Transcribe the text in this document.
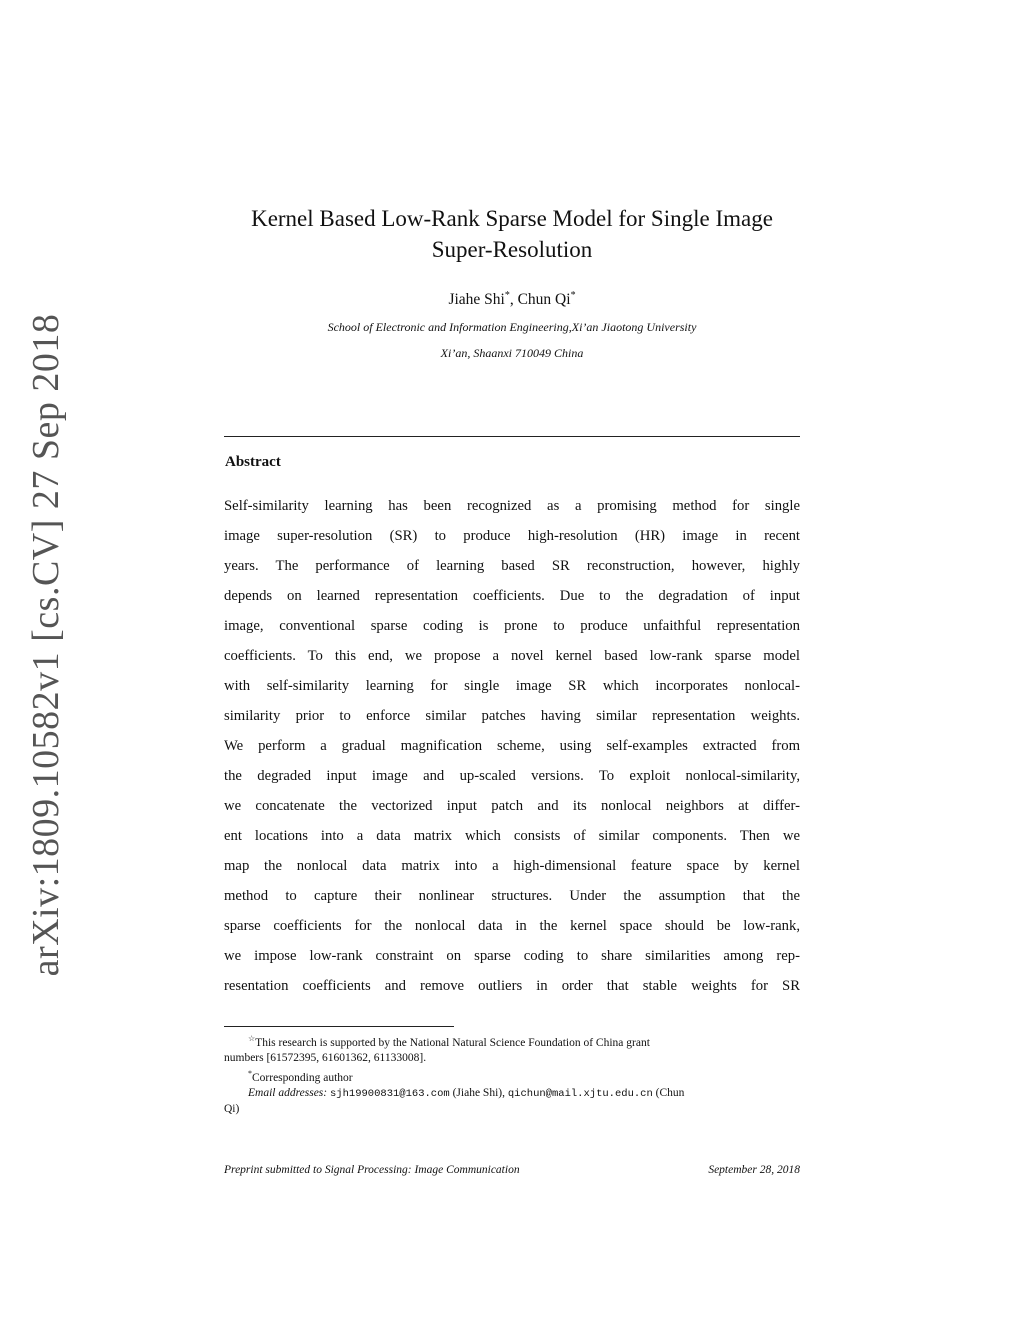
arXiv:1809.10582v1 [cs.CV] 27 Sep 2018
Kernel Based Low-Rank Sparse Model for Single Image
Super-Resolution
Jiahe Shi*, Chun Qi*
School of Electronic and Information Engineering,Xi’an Jiaotong University
Xi’an, Shaanxi 710049 China
Abstract
Self-similarity learning has been recognized as a promising method for single
image super-resolution (SR) to produce high-resolution (HR) image in recent
years. The performance of learning based SR reconstruction, however, highly
depends on learned representation coefficients. Due to the degradation of input
image, conventional sparse coding is prone to produce unfaithful representation
coefficients. To this end, we propose a novel kernel based low-rank sparse model
with self-similarity learning for single image SR which incorporates nonlocal-
similarity prior to enforce similar patches having similar representation weights.
We perform a gradual magnification scheme, using self-examples extracted from
the degraded input image and up-scaled versions. To exploit nonlocal-similarity,
we concatenate the vectorized input patch and its nonlocal neighbors at differ-
ent locations into a data matrix which consists of similar components. Then we
map the nonlocal data matrix into a high-dimensional feature space by kernel
method to capture their nonlinear structures. Under the assumption that the
sparse coefficients for the nonlocal data in the kernel space should be low-rank,
we impose low-rank constraint on sparse coding to share similarities among rep-
resentation coefficients and remove outliers in order that stable weights for SR
☆This research is supported by the National Natural Science Foundation of China grant
numbers [61572395, 61601362, 61133008].
*Corresponding author
Email addresses: sjh19900831@163.com (Jiahe Shi), qichun@mail.xjtu.edu.cn (Chun
Qi)
Preprint submitted to Signal Processing: Image Communication	September 28, 2018
